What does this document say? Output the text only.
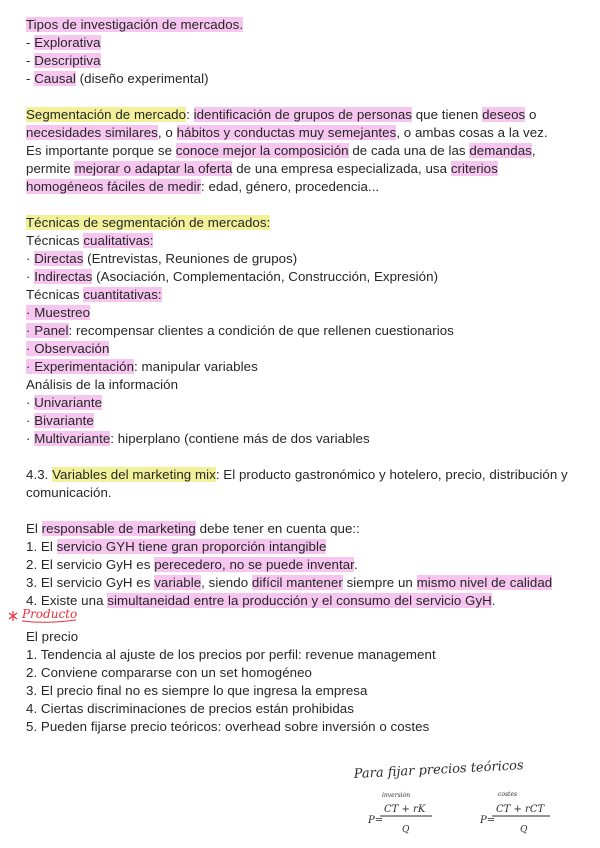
Tipos de investigación de mercados.
- Explorativa
- Descriptiva
- Causal (diseño experimental)
Segmentación de mercado: identificación de grupos de personas que tienen deseos o
necesidades similares, o hábitos y conductas muy semejantes, o ambas cosas a la vez.
Es importante porque se conoce mejor la composición de cada una de las demandas,
permite mejorar o adaptar la oferta de una empresa especializada, usa criterios
homogéneos fáciles de medir: edad, género, procedencia...
Técnicas de segmentación de mercados:
Técnicas cualitativas:
· Directas (Entrevistas, Reuniones de grupos)
· Indirectas (Asociación, Complementación, Construcción, Expresión)
Técnicas cuantitativas:
· Muestreo
· Panel: recompensar clientes a condición de que rellenen cuestionarios
· Observación
· Experimentación: manipular variables
Análisis de la información
· Univariante
· Bivariante
· Multivariante: hiperplano (contiene más de dos variables
4.3. Variables del marketing mix: El producto gastronómico y hotelero, precio, distribución y
comunicación.
El responsable de marketing debe tener en cuenta que::
1. El servicio GYH tiene gran proporción intangible
2. El servicio GyH es perecedero, no se puede inventar.
3. El servicio GyH es variable, siendo difícil mantener siempre un mismo nivel de calidad
4. Existe una simultaneidad entre la producción y el consumo del servicio GyH.
Producto
El precio
1. Tendencia al ajuste de los precios por perfil: revenue management
2. Conviene compararse con un set homogéneo
3. El precio final no es siempre lo que ingresa la empresa
4. Ciertas discriminaciones de precios están prohibidas
5. Pueden fijarse precio teóricos: overhead sobre inversión o costes
Para fijar precios teóricos
inversión
CT + rK
P=
Q
costes
CT + rCT
P=
Q
